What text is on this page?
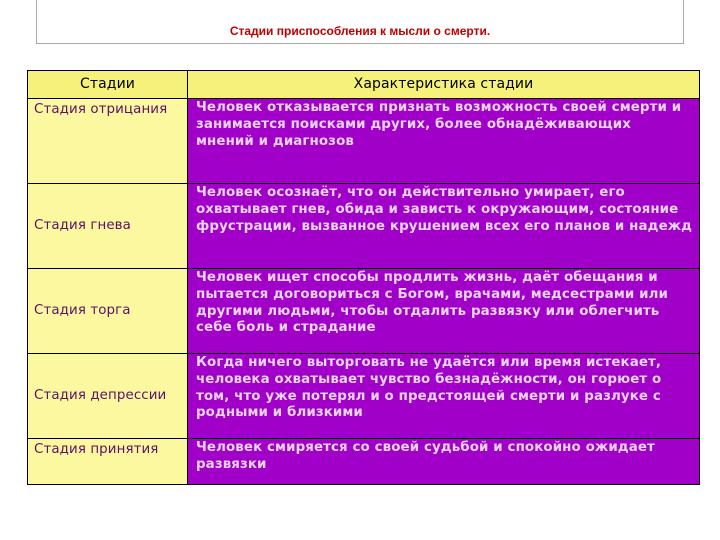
Стадии приспособления к мысли о смерти.
Стадии	Характеристика стадии
Стадия отрицания	Человек отказывается признать возможность своей смерти и занимается поисками других, более обнадёживающих мнений и диагнозов
Стадия гнева	Человек осознаёт, что он действительно умирает, его охватывает гнев, обида и зависть к окружающим, состояние фрустрации, вызванное крушением всех его планов и надежд
Стадия торга	Человек ищет способы продлить жизнь, даёт обещания и пытается договориться с Богом, врачами, медсестрами или другими людьми, чтобы отдалить развязку или облегчить себе боль и страдание
Стадия депрессии	Когда ничего выторговать не удаётся или время истекает, человека охватывает чувство безнадёжности, он горюет о том, что уже потерял и о предстоящей смерти и разлуке с родными и близкими
Стадия принятия	Человек смиряется со своей судьбой и спокойно ожидает развязки
